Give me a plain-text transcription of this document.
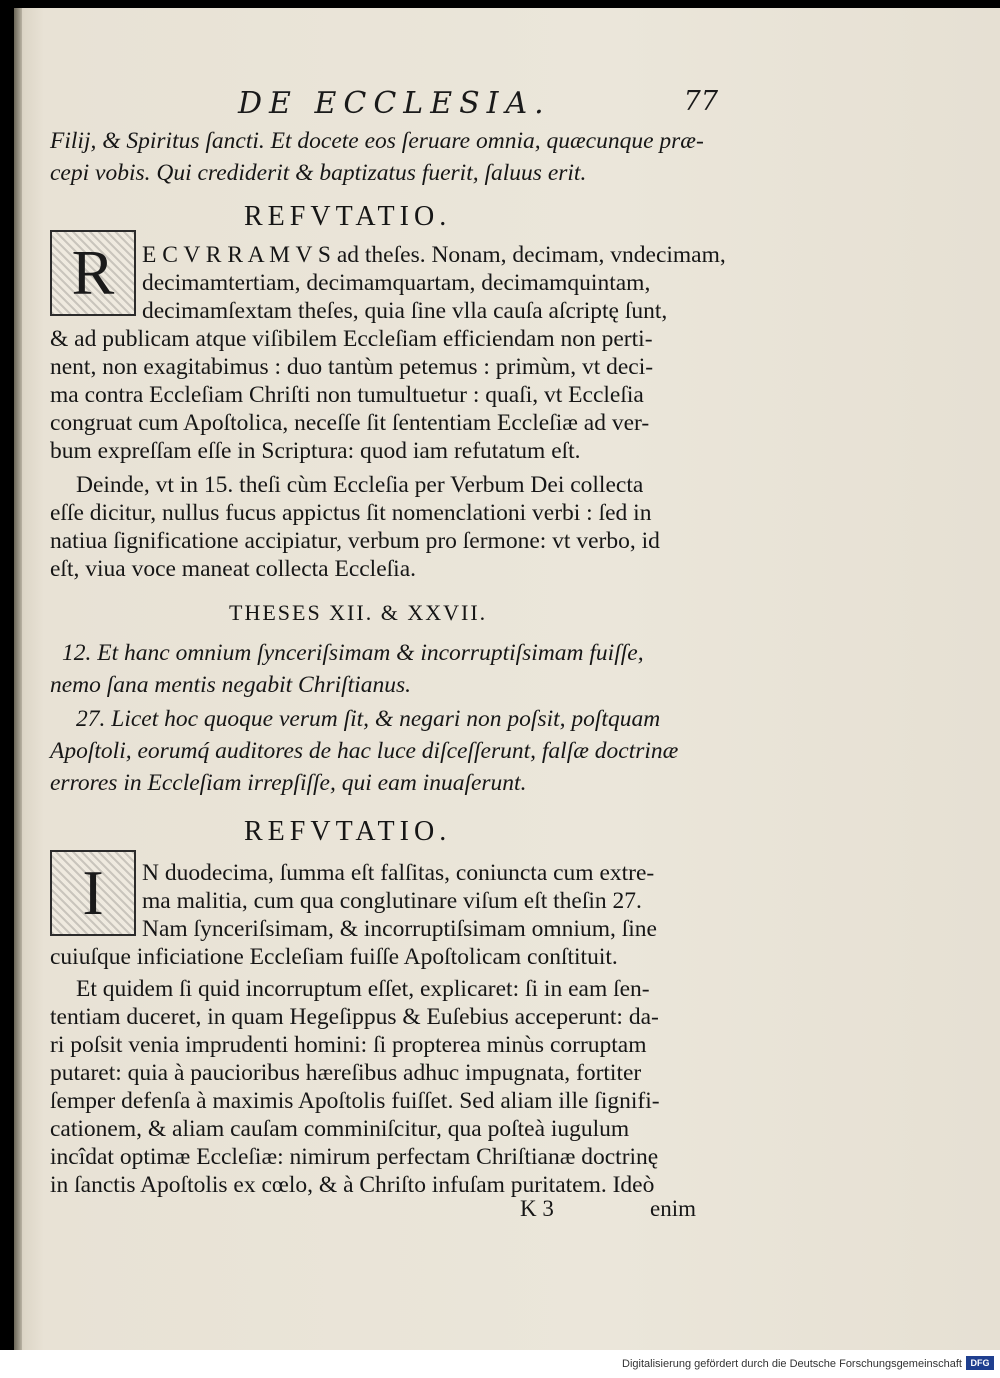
DE ECCLESIA.	77
Filij, & Spiritus ſancti. Et docete eos ſeruare omnia, quæcunque præ-
cepi vobis. Qui crediderit & baptizatus fuerit, ſaluus erit.
REFVTATIO.
R	E C V R R A M V S ad theſes. Nonam, decimam, vndecimam,
decimamtertiam, decimamquartam, decimamquintam,
decimamſextam theſes, quia ſine vlla cauſa aſcriptę ſunt,
& ad publicam atque viſibilem Eccleſiam efficiendam non perti-
nent, non exagitabimus : duo tantùm petemus : primùm, vt deci-
ma contra Eccleſiam Chriſti non tumultuetur : quaſi, vt Eccleſia
congruat cum Apoſtolica, neceſſe ſit ſententiam Eccleſiæ ad ver-
bum expreſſam eſſe in Scriptura: quod iam refutatum eſt.
Deinde, vt in 15. theſi cùm Eccleſia per Verbum Dei collecta
eſſe dicitur, nullus fucus appictus ſit nomenclationi verbi : ſed in
natiua ſignificatione accipiatur, verbum pro ſermone: vt verbo, id
eſt, viua voce maneat collecta Eccleſia.
THESES XII. & XXVII.
12. Et hanc omnium ſynceriſsimam & incorruptiſsimam fuiſſe,
nemo ſana mentis negabit Chriſtianus.
27. Licet hoc quoque verum ſit, & negari non poſsit, poſtquam
Apoſtoli, eorumq́ auditores de hac luce diſceſſerunt, falſæ doctrinæ
errores in Eccleſiam irrepſiſſe, qui eam inuaſerunt.
REFVTATIO.
I	N duodecima, ſumma eſt falſitas, coniuncta cum extre-
ma malitia, cum qua conglutinare viſum eſt theſin 27.
Nam ſynceriſsimam, & incorruptiſsimam omnium, ſine
cuiuſque inficiatione Eccleſiam fuiſſe Apoſtolicam conſtituit.
Et quidem ſi quid incorruptum eſſet, explicaret: ſi in eam ſen-
tentiam duceret, in quam Hegeſippus & Euſebius acceperunt: da-
ri poſsit venia imprudenti homini: ſi propterea minùs corruptam
putaret: quia à paucioribus hæreſibus adhuc impugnata, fortiter
ſemper defenſa à maximis Apoſtolis fuiſſet. Sed aliam ille ſignifi-
cationem, & aliam cauſam comminiſcitur, qua poſteà iugulum
incîdat optimæ Eccleſiæ: nimirum perfectam Chriſtianæ doctrinę
in ſanctis Apoſtolis ex cœlo, & à Chriſto infuſam puritatem. Ideò
K 3	enim
Digitalisierung gefördert durch die Deutsche Forschungsgemeinschaft DFG
